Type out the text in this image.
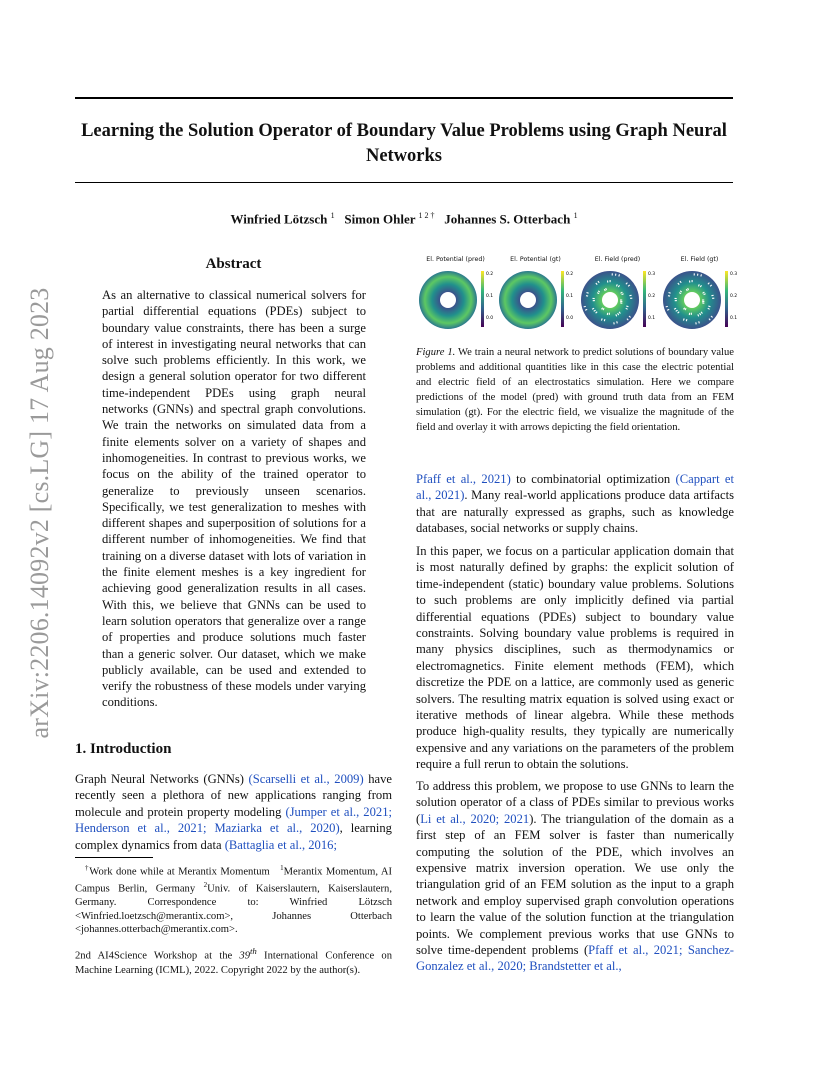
Learning the Solution Operator of Boundary Value Problems using Graph Neural Networks
Winfried Lötzsch $^1$ Simon Ohler $^{1 2 \dagger}$ Johannes S. Otterbach $^1$
arXiv:2206.14092v2 [cs.LG] 17 Aug 2023
Abstract
As an alternative to classical numerical solvers for partial differential equations (PDEs) subject to boundary value constraints, there has been a surge of interest in investigating neural networks that can solve such problems efficiently. In this work, we design a general solution operator for two different time-independent PDEs using graph neural networks (GNNs) and spectral graph convolutions. We train the networks on simulated data from a finite elements solver on a variety of shapes and inhomogeneities. In contrast to previous works, we focus on the ability of the trained operator to generalize to previously unseen scenarios. Specifically, we test generalization to meshes with different shapes and superposition of solutions for a different number of inhomogeneities. We find that training on a diverse dataset with lots of variation in the finite element meshes is a key ingredient for achieving good generalization results in all cases. With this, we believe that GNNs can be used to learn solution operators that generalize over a range of properties and produce solutions much faster than a generic solver. Our dataset, which we make publicly available, can be used and extended to verify the robustness of these models under varying conditions.
1. Introduction
Graph Neural Networks (GNNs) (Scarselli et al., 2009) have recently seen a plethora of new applications ranging from molecule and protein property modeling (Jumper et al., 2021; Henderson et al., 2021; Maziarka et al., 2020), learning complex dynamics from data (Battaglia et al., 2016;
†Work done while at Merantix Momentum $^1$Merantix Momentum, AI Campus Berlin, Germany $^2$Univ. of Kaiserslautern, Kaiserslautern, Germany.	Correspondence to: Winfried Lötzsch <Winfried.loetzsch@merantix.com>, Johannes Otterbach <johannes.otterbach@merantix.com>.
2nd AI4Science Workshop at the 39th International Conference on Machine Learning (ICML), 2022. Copyright 2022 by the author(s).
El. Potential (pred)
0.2
0.1
0.0
El. Potential (gt)
0.2
0.1
0.0
El. Field (pred)
0.3
0.2
0.1
El. Field (gt)
0.3
0.2
0.1
Figure 1. We train a neural network to predict solutions of boundary value problems and additional quantities like in this case the electric potential and electric field of an electrostatics simulation. Here we compare predictions of the model (pred) with ground truth data from an FEM simulation (gt). For the electric field, we visualize the magnitude of the field and overlay it with arrows depicting the field orientation.
Pfaff et al., 2021) to combinatorial optimization (Cappart et al., 2021). Many real-world applications produce data artifacts that are naturally expressed as graphs, such as knowledge databases, social networks or supply chains.
In this paper, we focus on a particular application domain that is most naturally defined by graphs: the explicit solution of time-independent (static) boundary value problems. Solutions to such problems are only implicitly defined via partial differential equations (PDEs) subject to boundary value constraints. Solving boundary value problems is required in many physics disciplines, such as thermodynamics or electromagnetics. Finite element methods (FEM), which discretize the PDE on a lattice, are commonly used as generic solvers. The resulting matrix equation is solved using exact or iterative methods of linear algebra. While these methods produce high-quality results, they typically are numerically expensive and any variations on the parameters of the problem require a full rerun to obtain the solutions.
To address this problem, we propose to use GNNs to learn the solution operator of a class of PDEs similar to previous works (Li et al., 2020; 2021). The triangulation of the domain as a first step of an FEM solver is faster than numerically computing the solution of the PDE, which involves an expensive matrix inversion operation. We use only the triangulation grid of an FEM solution as the input to a graph network and employ supervised graph convolution operations to learn the value of the solution function at the triangulation points. We complement previous works that use GNNs to solve time-dependent problems (Pfaff et al., 2021; Sanchez-Gonzalez et al., 2020; Brandstetter et al.,
